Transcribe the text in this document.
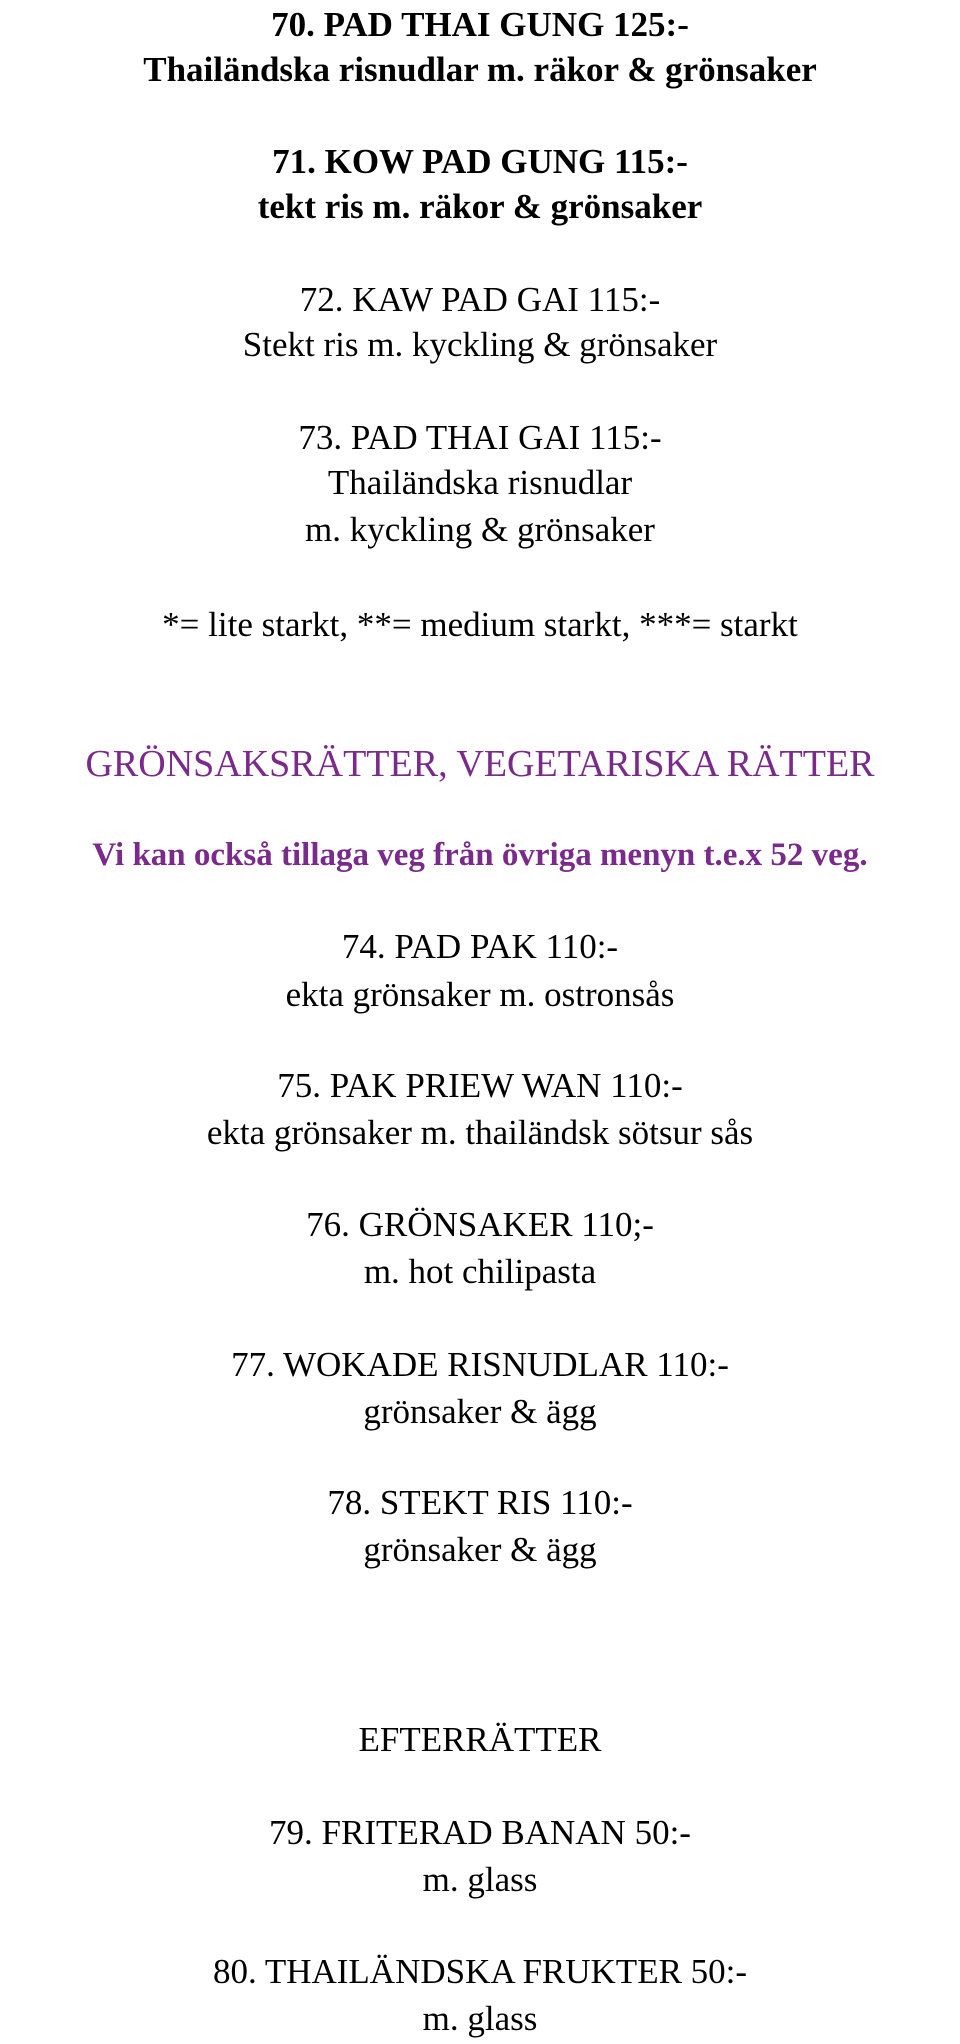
70. PAD THAI GUNG 125:-
Thailändska risnudlar m. räkor & grönsaker
71. KOW PAD GUNG 115:-
tekt ris m. räkor & grönsaker
72. KAW PAD GAI 115:-
Stekt ris m. kyckling & grönsaker
73. PAD THAI GAI 115:-
Thailändska risnudlar
m. kyckling & grönsaker
*= lite starkt, **= medium starkt, ***= starkt
GRÖNSAKSRÄTTER, VEGETARISKA RÄTTER
Vi kan också tillaga veg från övriga menyn t.e.x 52 veg.
74. PAD PAK 110:-
ekta grönsaker m. ostronsås
75. PAK PRIEW WAN 110:-
ekta grönsaker m. thailändsk sötsur sås
76. GRÖNSAKER 110;-
m. hot chilipasta
77. WOKADE RISNUDLAR 110:-
grönsaker & ägg
78. STEKT RIS 110:-
grönsaker & ägg
EFTERRÄTTER
79. FRITERAD BANAN 50:-
m. glass
80. THAILÄNDSKA FRUKTER 50:-
m. glass
